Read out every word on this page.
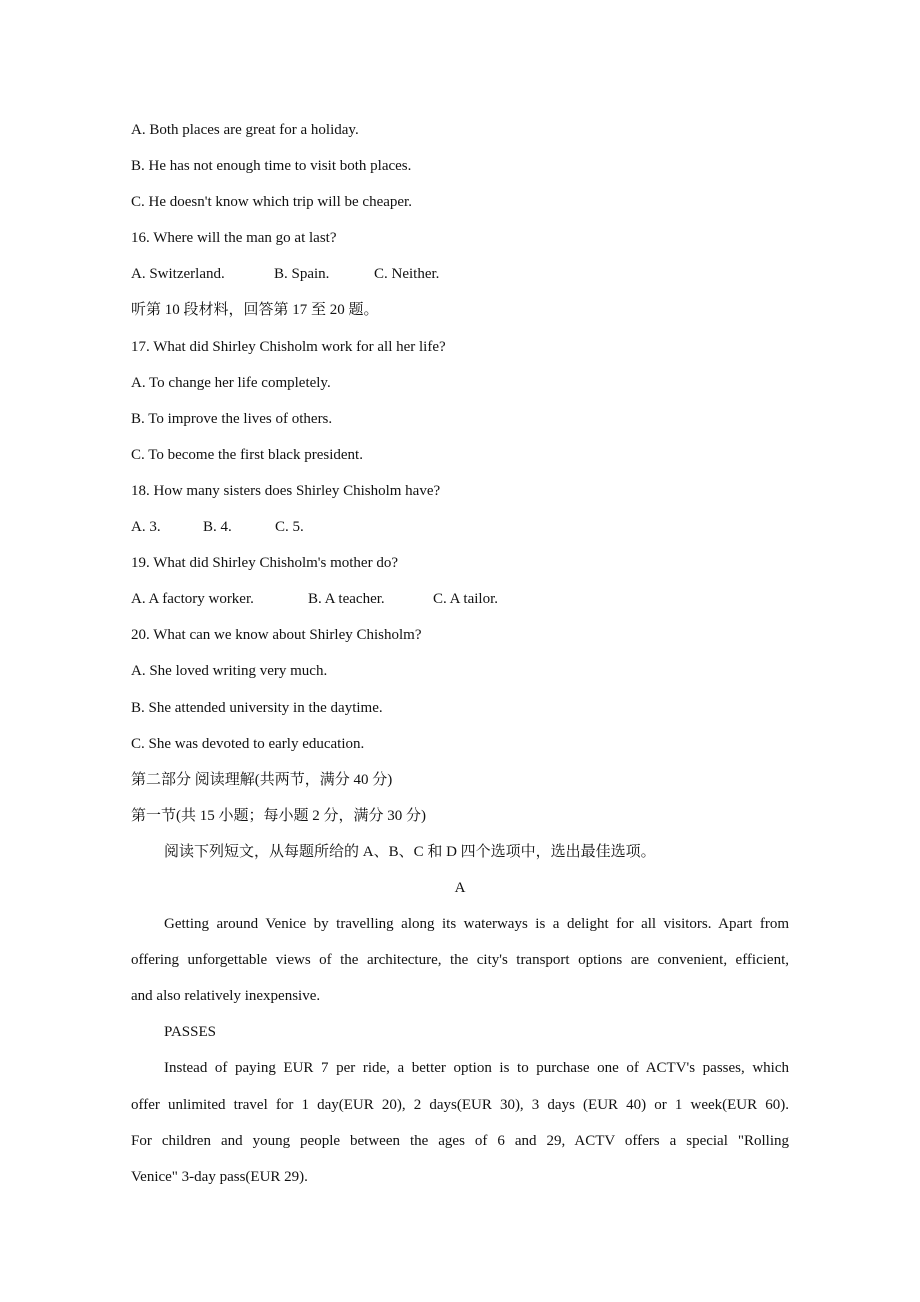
A. Both places are great for a holiday.
B. He has not enough time to visit both places.
C. He doesn't know which trip will be cheaper.
16. Where will the man go at last?
A. Switzerland.	B. Spain.	C. Neither.
听第 10 段材料，回答第 17 至 20 题。
17. What did Shirley Chisholm work for all her life?
A. To change her life completely.
B. To improve the lives of others.
C. To become the first black president.
18. How many sisters does Shirley Chisholm have?
A. 3.	B. 4.	C. 5.
19. What did Shirley Chisholm's mother do?
A. A factory worker.	B. A teacher.	C. A tailor.
20. What can we know about Shirley Chisholm?
A. She loved writing very much.
B. She attended university in the daytime.
C. She was devoted to early education.
第二部分 阅读理解(共两节，满分 40 分)
第一节(共 15 小题；每小题 2 分，满分 30 分)
阅读下列短文，从每题所给的 A、B、C 和 D 四个选项中，选出最佳选项。
A
Getting around Venice by travelling along its waterways is a delight for all visitors. Apart from
offering unforgettable views of the architecture, the city's transport options are convenient, efficient,
and also relatively inexpensive.
PASSES
Instead of paying EUR 7 per ride, a better option is to purchase one of ACTV's passes, which
offer unlimited travel for 1 day(EUR 20), 2 days(EUR 30), 3 days (EUR 40) or 1 week(EUR 60).
For children and young people between the ages of 6 and 29, ACTV offers a special "Rolling
Venice" 3-day pass(EUR 29).
